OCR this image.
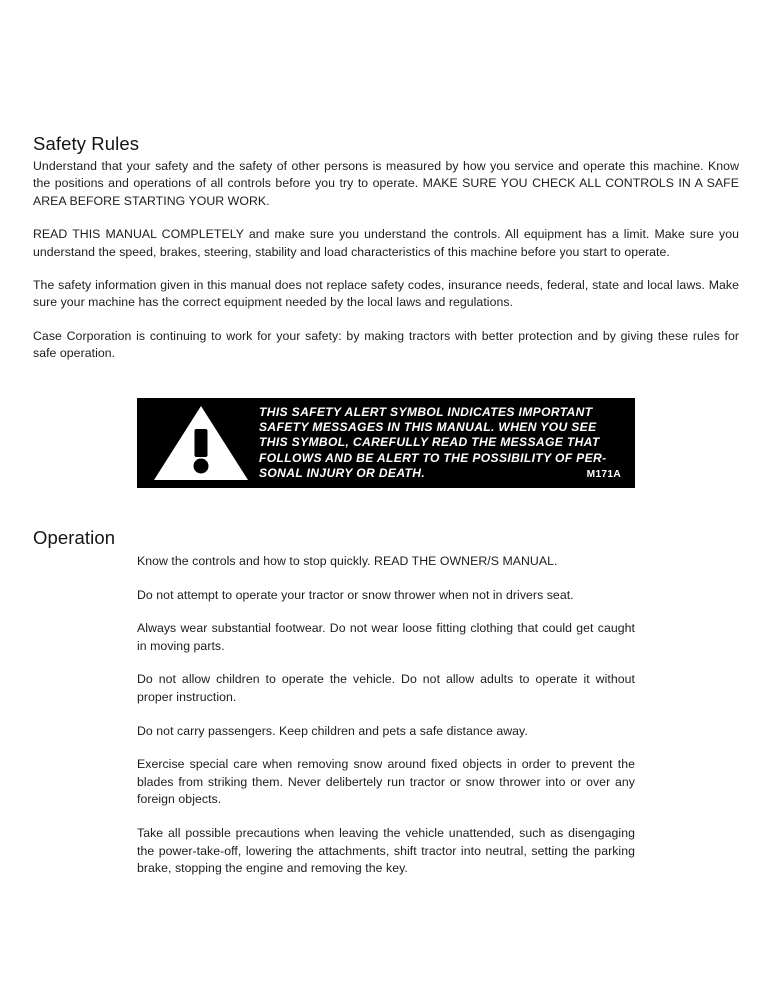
Safety Rules

Understand that your safety and the safety of other persons is measured by how you service and operate this machine. Know the positions and operations of all controls before you try to operate. MAKE SURE YOU CHECK ALL CONTROLS IN A SAFE AREA BEFORE STARTING YOUR WORK.

READ THIS MANUAL COMPLETELY and make sure you understand the controls. All equipment has a limit. Make sure you understand the speed, brakes, steering, stability and load characteristics of this machine before you start to operate.

The safety information given in this manual does not replace safety codes, insurance needs, federal, state and local laws. Make sure your machine has the correct equipment needed by the local laws and regulations.

Case Corporation is continuing to work for your safety: by making tractors with better protection and by giving these rules for safe operation.

THIS SAFETY ALERT SYMBOL INDICATES IMPORTANT

SAFETY MESSAGES IN THIS MANUAL. WHEN YOU SEE

THIS SYMBOL, CAREFULLY READ THE MESSAGE THAT

FOLLOWS AND BE ALERT TO THE POSSIBILITY OF PER-

SONAL INJURY OR DEATH.	M171A
Operation

Know the controls and how to stop quickly. READ THE OWNER/S MANUAL.

Do not attempt to operate your tractor or snow thrower when not in drivers seat.

Always wear substantial footwear. Do not wear loose fitting clothing that could get caught in moving parts.

Do not allow children to operate the vehicle. Do not allow adults to operate it without proper instruction.

Do not carry passengers. Keep children and pets a safe distance away.

Exercise special care when removing snow around fixed objects in order to prevent the blades from striking them. Never delibertely run tractor or snow thrower into or over any foreign objects.

Take all possible precautions when leaving the vehicle unattended, such as disengaging the power-take-off, lowering the attachments, shift tractor into neutral, setting the parking brake, stopping the engine and removing the key.
